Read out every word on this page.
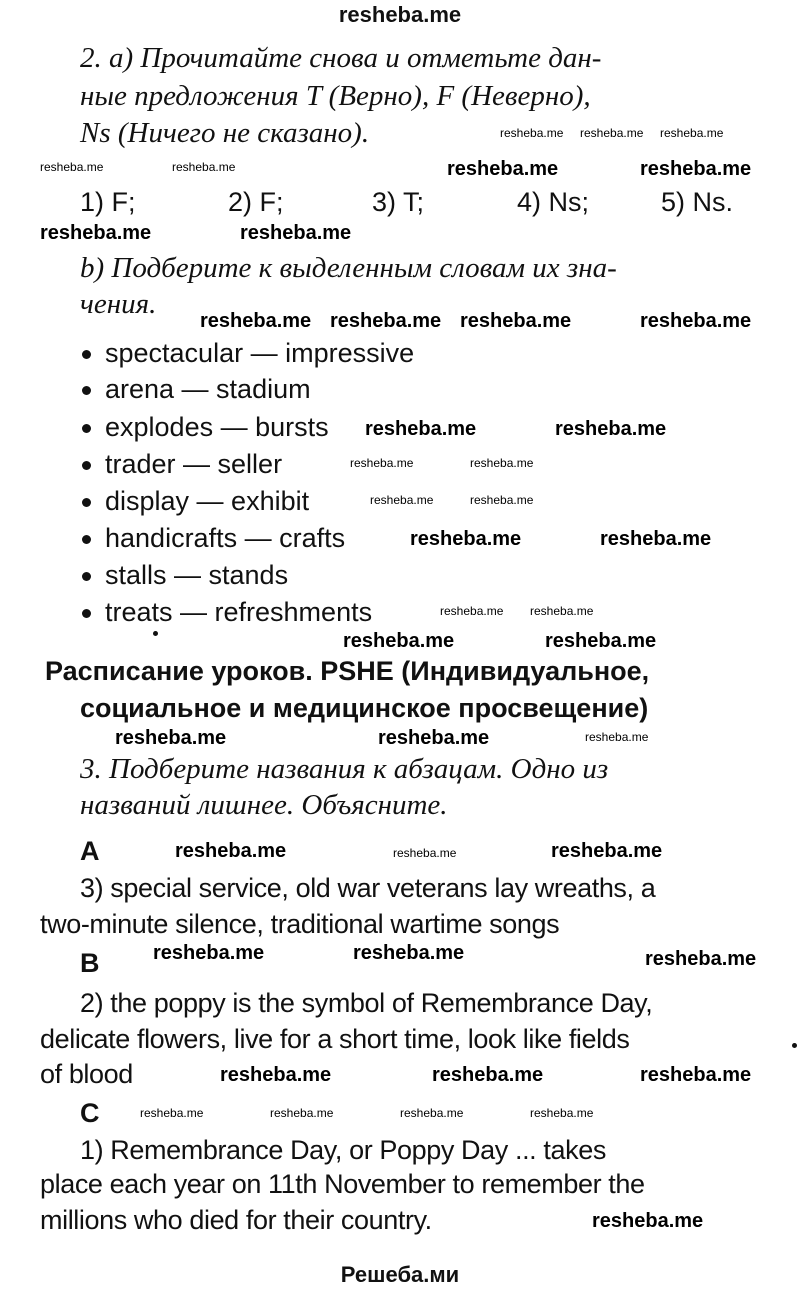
resheba.me
2. a) Прочитайте снова и отметьте дан-
ные предложения T (Верно), F (Неверно),
Ns (Ничего не сказано).
1) F;	2) F;	3) T;	4) Ns;	5) Ns.
b) Подберите к выделенным словам их зна-
чения.
spectacular — impressive
arena — stadium
explodes — bursts
trader — seller
display — exhibit
handicrafts — crafts
stalls — stands
treats — refreshments
Расписание уроков. PSHE (Индивидуальное,
социальное и медицинское просвещение)
3. Подберите названия к абзацам. Одно из
названий лишнее. Объясните.
A
3) special service, old war veterans lay wreaths, a
two-minute silence, traditional wartime songs
B
2) the poppy is the symbol of Remembrance Day,
delicate flowers, live for a short time, look like fields
of blood
C
1) Remembrance Day, or Poppy Day ... takes
place each year on 11th November to remember the
millions who died for their country.
Решеба.ми
resheba.me	resheba.me
resheba.me	resheba.me
resheba.me resheba.me resheba.me	resheba.me
resheba.me	resheba.me
resheba.me	resheba.me
resheba.me	resheba.me
resheba.me	resheba.me
resheba.me	resheba.me
resheba.me	resheba.me	resheba.me
resheba.me	resheba.me	resheba.me
resheba.me
resheba.me resheba.me resheba.me
resheba.me	resheba.me
resheba.me	resheba.me
resheba.me	resheba.me
resheba.me resheba.me
resheba.me
resheba.me
resheba.me	resheba.me	resheba.me	resheba.me
